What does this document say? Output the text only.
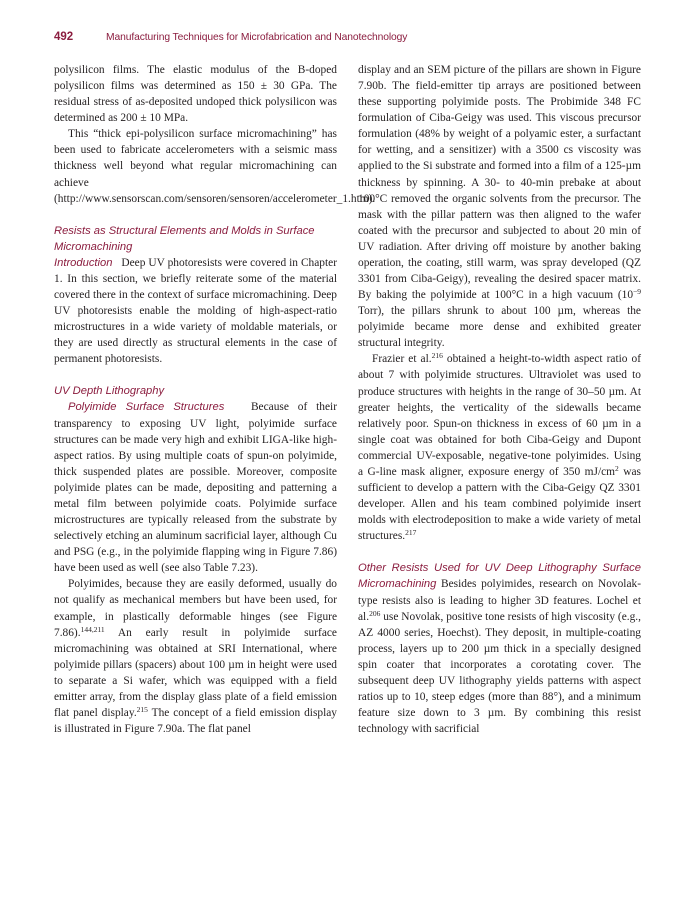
492	Manufacturing Techniques for Microfabrication and Nanotechnology

polysilicon films. The elastic modulus of the B-doped polysilicon films was determined as 150 ± 30 GPa. The residual stress of as-deposited undoped thick polysilicon was determined as 200 ± 10 MPa.

This “thick epi-polysilicon surface micromachining” has been used to fabricate accelerometers with a seismic mass thickness well beyond what regular micromachining can achieve (http://www.sensorscan.com/sensoren/sensoren/accelerometer_1.htm).

Resists as Structural Elements and Molds in Surface Micromachining

Introduction Deep UV photoresists were covered in Chapter 1. In this section, we briefly reiterate some of the material covered there in the context of surface micromachining. Deep UV photoresists enable the molding of high-aspect-ratio microstructures in a wide variety of moldable materials, or they are used directly as structural elements in the case of permanent photoresists.

UV Depth Lithography

Polyimide Surface Structures Because of their transparency to exposing UV light, polyimide surface structures can be made very high and exhibit LIGA-like high-aspect ratios. By using multiple coats of spun-on polyimide, thick suspended plates are possible. Moreover, composite polyimide plates can be made, depositing and patterning a metal film between polyimide coats. Polyimide surface microstructures are typically released from the substrate by selectively etching an aluminum sacrificial layer, although Cu and PSG (e.g., in the polyimide flapping wing in Figure 7.86) have been used as well (see also Table 7.23).

Polyimides, because they are easily deformed, usually do not qualify as mechanical members but have been used, for example, in plastically deformable hinges (see Figure 7.86).$^{144,211}$ An early result in polyimide surface micromachining was obtained at SRI International, where polyimide pillars (spacers) about 100 µm in height were used to separate a Si wafer, which was equipped with a field emitter array, from the display glass plate of a field emission flat panel display.$^{215}$ The concept of a field emission display is illustrated in Figure 7.90a. The flat panel

display and an SEM picture of the pillars are shown in Figure 7.90b. The field-emitter tip arrays are positioned between these supporting polyimide posts. The Probimide 348 FC formulation of Ciba-Geigy was used. This viscous precursor formulation (48% by weight of a polyamic ester, a surfactant for wetting, and a sensitizer) with a 3500 cs viscosity was applied to the Si substrate and formed into a film of a 125-µm thickness by spinning. A 30- to 40-min prebake at about 100°C removed the organic solvents from the precursor. The mask with the pillar pattern was then aligned to the wafer coated with the precursor and subjected to about 20 min of UV radiation. After driving off moisture by another baking operation, the coating, still warm, was spray developed (QZ 3301 from Ciba-Geigy), revealing the desired spacer matrix. By baking the polyimide at 100°C in a high vacuum ($10^{-9}$ Torr), the pillars shrunk to about 100 µm, whereas the polyimide became more dense and exhibited greater structural integrity.

Frazier et al.$^{216}$ obtained a height-to-width aspect ratio of about 7 with polyimide structures. Ultraviolet was used to produce structures with heights in the range of 30–50 µm. At greater heights, the verticality of the sidewalls became relatively poor. Spun-on thickness in excess of 60 µm in a single coat was obtained for both Ciba-Geigy and Dupont commercial UV-exposable, negative-tone polyimides. Using a G-line mask aligner, exposure energy of 350 $mJ/cm^2$ was sufficient to develop a pattern with the Ciba-Geigy QZ 3301 developer. Allen and his team combined polyimide insert molds with electrodeposition to make a wide variety of metal structures.$^{217}$

Other Resists Used for UV Deep Lithography Surface Micromachining Besides polyimides, research on Novolak-type resists also is leading to higher 3D features. Lochel et al.$^{206}$ use Novolak, positive tone resists of high viscosity (e.g., AZ 4000 series, Hoechst). They deposit, in multiple-coating process, layers up to 200 µm thick in a specially designed spin coater that incorporates a corotating cover. The subsequent deep UV lithography yields patterns with aspect ratios up to 10, steep edges (more than 88°), and a minimum feature size down to 3 µm. By combining this resist technology with sacrificial
